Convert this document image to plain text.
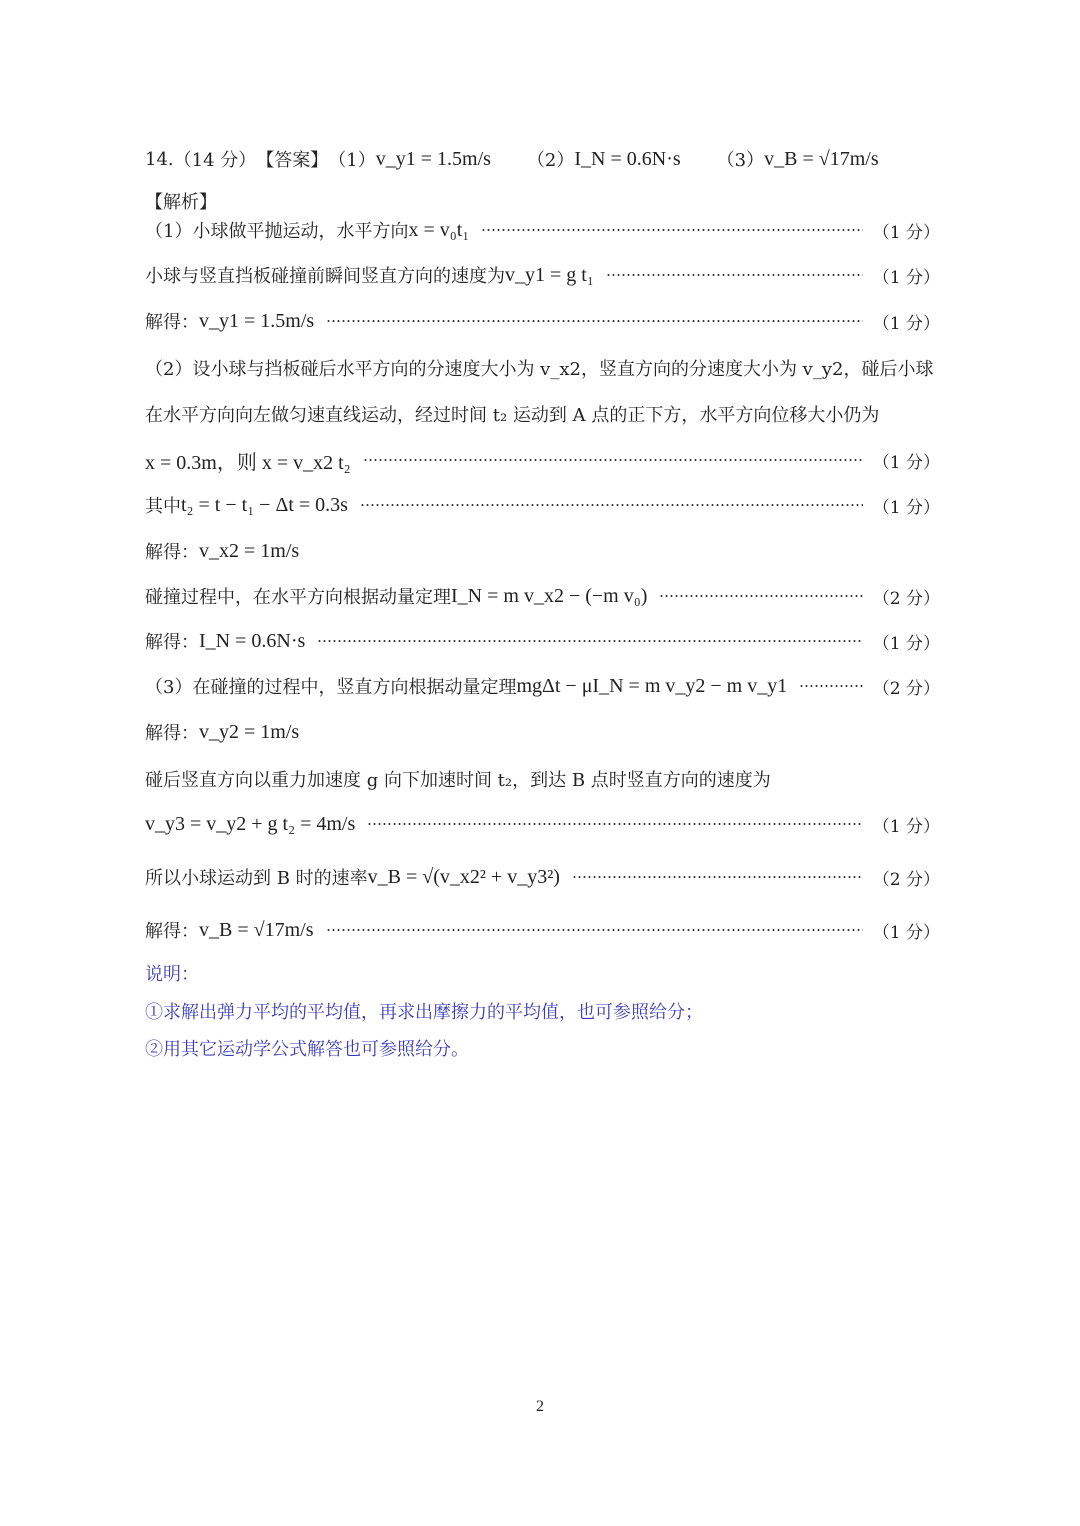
14. （14 分） 【答案】 （1） v_y1 = 1.5m/s （2） I_N = 0.6N·s （3） v_B = √17m/s
【解析】
（1）小球做平抛运动，水平方向 x = v₀t₁	（1 分）
小球与竖直挡板碰撞前瞬间竖直方向的速度为 v_y1 = g t₁	（1 分）
解得： v_y1 = 1.5m/s	（1 分）
（2）设小球与挡板碰后水平方向的分速度大小为 v_x2，竖直方向的分速度大小为 v_y2，碰后小球
在水平方向向左做匀速直线运动，经过时间 t₂ 运动到 A 点的正下方，水平方向位移大小仍为
x = 0.3m，则 x = v_x2 t₂	（1 分）
其中 t₂ = t − t₁ − Δt = 0.3s	（1 分）
解得： v_x2 = 1m/s
碰撞过程中，在水平方向根据动量定理 I_N = m v_x2 − (−m v₀)	（2 分）
解得： I_N = 0.6N·s	（1 分）
（3）在碰撞的过程中，竖直方向根据动量定理 mgΔt − μI_N = m v_y2 − m v_y1	（2 分）
解得： v_y2 = 1m/s
碰后竖直方向以重力加速度 g 向下加速时间 t₂，到达 B 点时竖直方向的速度为
v_y3 = v_y2 + g t₂ = 4m/s	（1 分）
所以小球运动到 B 时的速率 v_B = √(v_x2² + v_y3²)	（2 分）
解得： v_B = √17m/s	（1 分）
说明：
①求解出弹力平均的平均值，再求出摩擦力的平均值，也可参照给分；
②用其它运动学公式解答也可参照给分。
2
